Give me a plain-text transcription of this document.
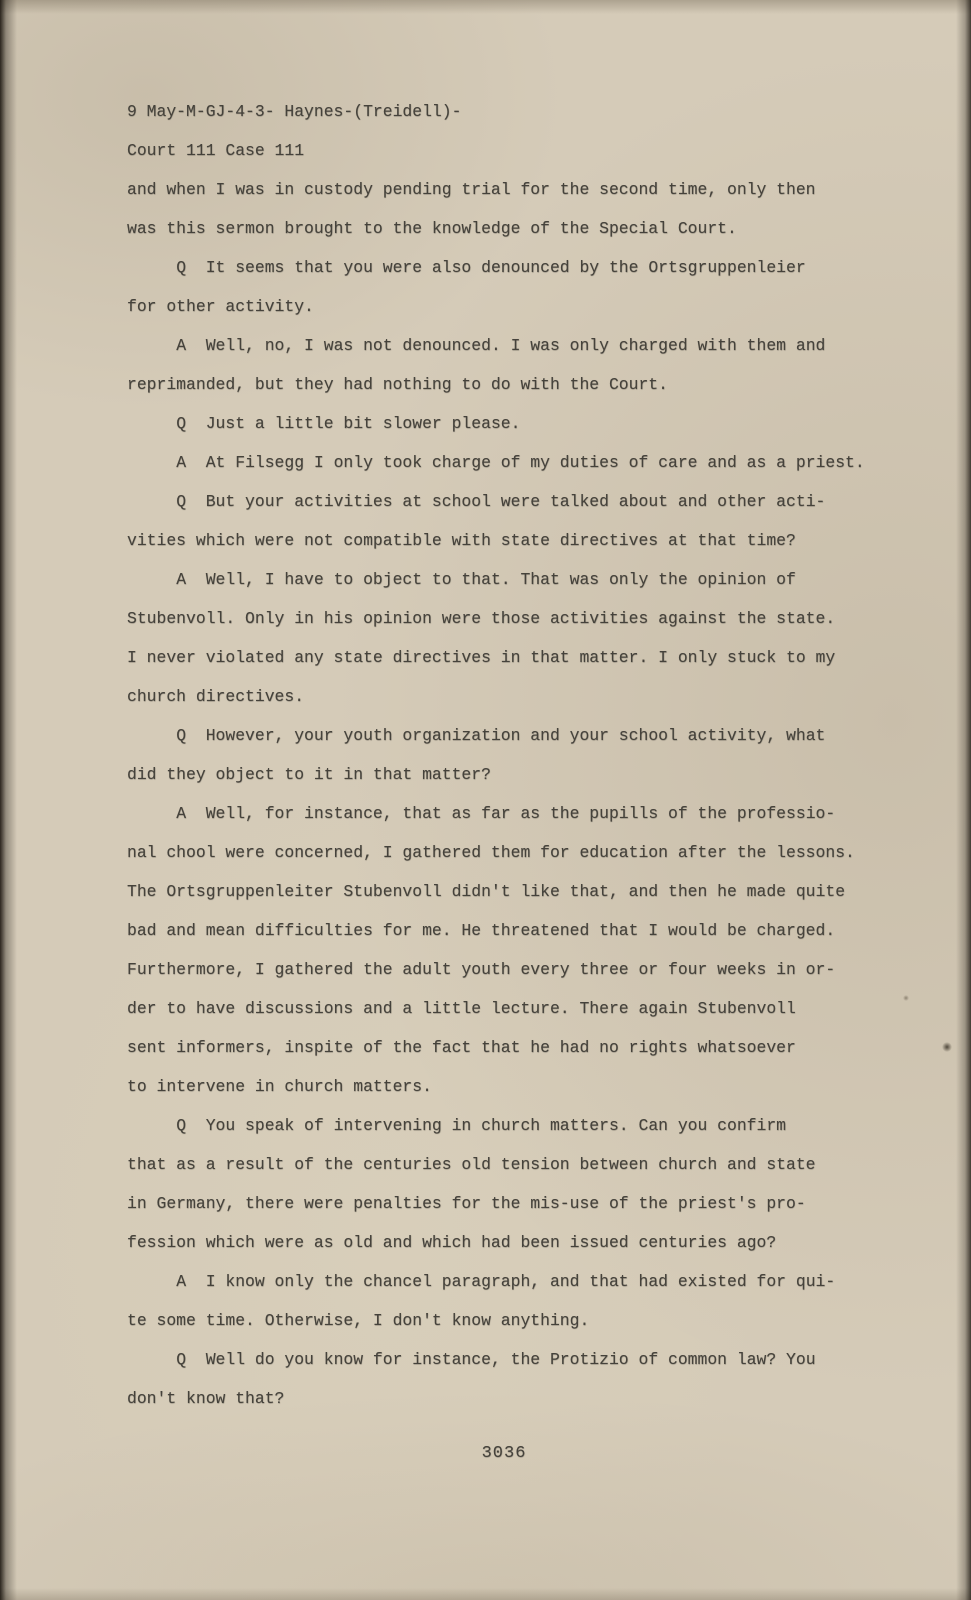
9 May-M-GJ-4-3- Haynes-(Treidell)-
Court 111 Case 111
and when I was in custody pending trial for the second time, only then
was this sermon brought to the knowledge of the Special Court.
Q  It seems that you were also denounced by the Ortsgruppenleier
for other activity.
A  Well, no, I was not denounced. I was only charged with them and
reprimanded, but they had nothing to do with the Court.
Q  Just a little bit slower please.
A  At Filsegg I only took charge of my duties of care and as a priest.
Q  But your activities at school were talked about and other acti-
vities which were not compatible with state directives at that time?
A  Well, I have to object to that. That was only the opinion of
Stubenvoll. Only in his opinion were those activities against the state.
I never violated any state directives in that matter. I only stuck to my
church directives.
Q  However, your youth organization and your school activity, what
did they object to it in that matter?
A  Well, for instance, that as far as the pupills of the professio-
nal chool were concerned, I gathered them for education after the lessons.
The Ortsgruppenleiter Stubenvoll didn't like that, and then he made quite
bad and mean difficulties for me. He threatened that I would be charged.
Furthermore, I gathered the adult youth every three or four weeks in or-
der to have discussions and a little lecture. There again Stubenvoll
sent informers, inspite of the fact that he had no rights whatsoever
to intervene in church matters.
Q  You speak of intervening in church matters. Can you confirm
that as a result of the centuries old tension between church and state
in Germany, there were penalties for the mis-use of the priest's pro-
fession which were as old and which had been issued centuries ago?
A  I know only the chancel paragraph, and that had existed for qui-
te some time. Otherwise, I don't know anything.
Q  Well do you know for instance, the Protizio of common law? You
don't know that?
3036
